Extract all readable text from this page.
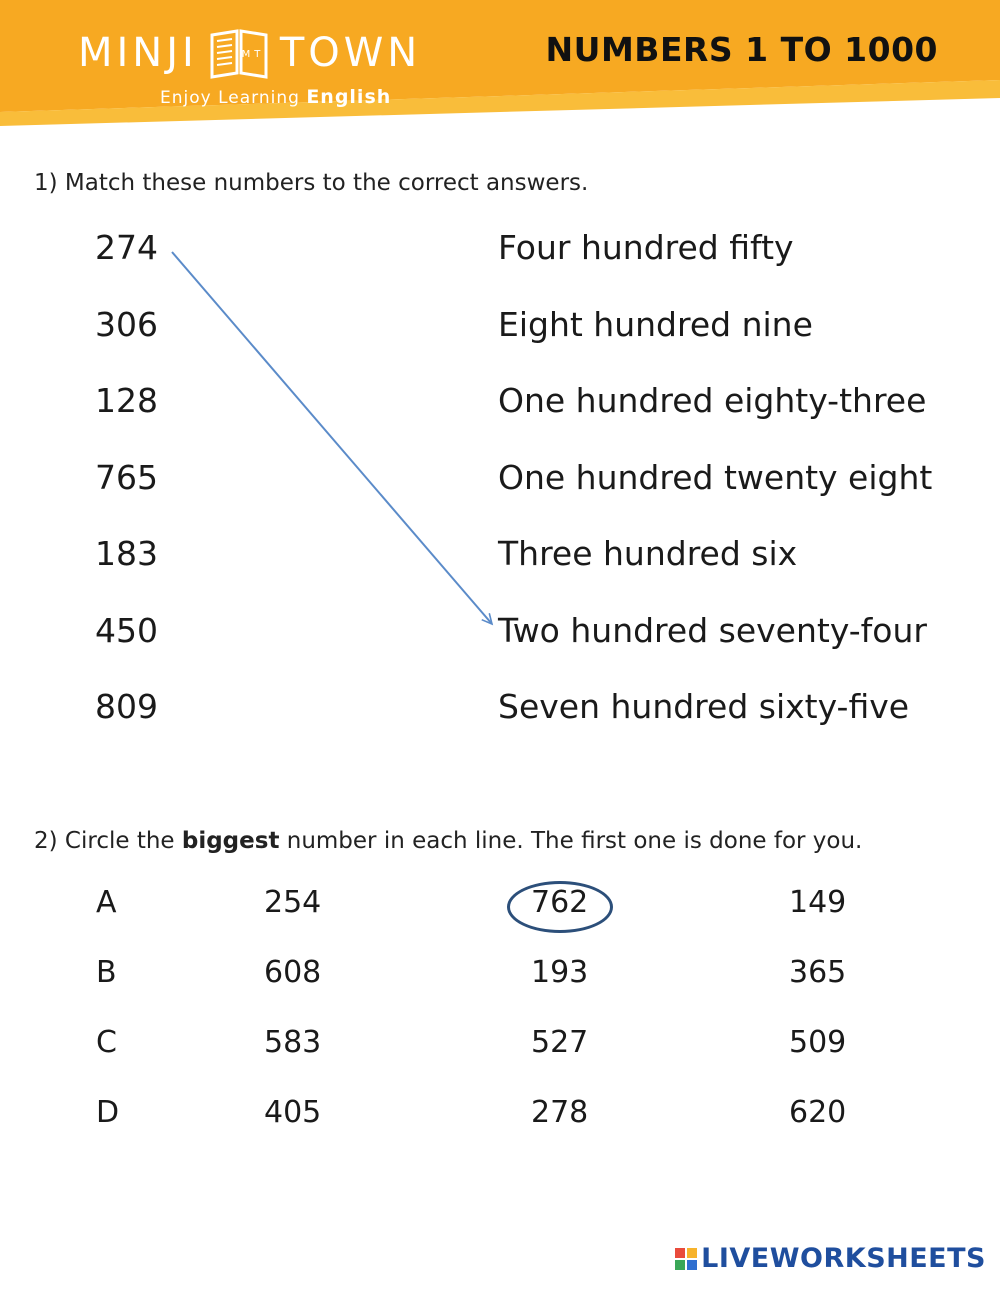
MINJI	MT TOWN
Enjoy Learning English
NUMBERS 1 TO 1000
1) Match these numbers to the correct answers.
274	Four hundred fifty
306	Eight hundred nine
128	One hundred eighty-three
765	One hundred twenty eight
183	Three hundred six
450	Two hundred seventy-four
809	Seven hundred sixty-five
2) Circle the biggest number in each line. The first one is done for you.
A	254	762	149
B	608	193	365
C	583	527	509
D	405	278	620
LIVEWORKSHEETS
